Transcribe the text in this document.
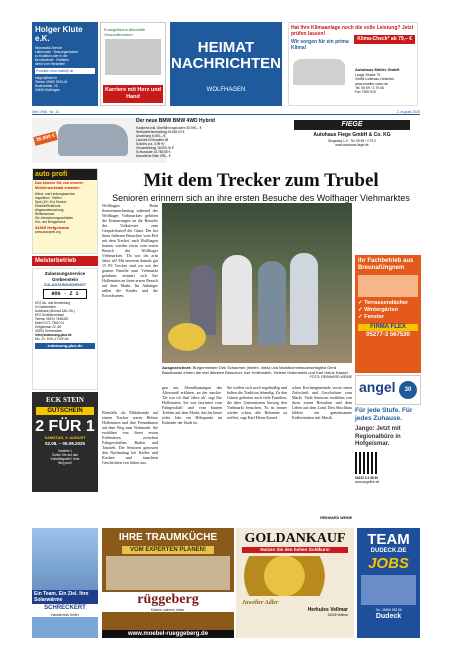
Holger Klute e.K.
Mikromatik-Service
Lattenroste · Bossorganisation
zu Koalition oder in der
Berufsschule · Rolläden
direkt vom Hersteller!
Produkte: bear-matik@.de
holger@klutel.fr
Telefon 05692 9924-61
Burkhardtstr. 26
34466 Wolfhagen
Evangelische Altenhilfe Gesundbrunnen
Karriere mit Herz und Hand
HEIMAT
NACHRICHTEN
WOLFHAGEN
Hat Ihre Klimaanlage noch die volle Leistung? Jetzt prüfen lassen!
Wir sorgen für ein prima Klima!
Klima-Check* ab 79,– €
Autohaus Müller GmbH
Lange Straße 75
34466 Lollersau-Geiselsb.
www.mueller-volvo.de
Tel. 05 69 / 3 79 66
Fax 7959 915
Seit 1998 · Nr. 31	2. August 2025
35.990 €
Der neue BMW BMW 4WD Hybrid
Kaufpreis inkl. Überführungskosten 35.990,– €
Nettodarlehensbetrag 28.665,00 €
Anzahlung 6.000,– €
Laufzeit in Monaten 48
Sollzins p.a. 3,99 %
Gesamtbetrag 18.000,00 €
Schlussrate 16.783,55 €
Monatliche Rate 299,– €
FIEGE
Autohaus Fiege GmbH & Co. KG
Dingsweg 1-3 · Tel. 05 69 / 3 79-0
www.autohaus-fiege.de
auto profi
Das können Sie von unserer Meisterwerkstatt erwarten:
Klima- und Lenkungsservice
Inspektion · Reifen
Spot (10+-Eo) Service
Elektrik/Elektronik
Abgasuntersuchung
Reifenservice
Kfz-Versicherungsschäden
Hol- und Bringservice
34369 Hofgeismar
www.autoprofi.org
Meisterbetrieb
Zulassungsservice Grebenstein
ZULASSUNGSDIENST
HOG · Z 1
KFZ-Ab- und Anmeldung
in Grebenstein
Autohaus (Ahmad-1&K-Gb.)
KFZ-Schilderverkauf
Telefon 05674 7466420
Mobil 0171 7361074
Hofgeismar 22, 66
34393 Grebenstein
info@zulassung-plus.de
Mo.–Fr. 9:00–17:00 Uhr
zulassung-plus.de
ECK STEIN
GUTSCHEIN
2 FÜR 1
SAMSTAG, 9. AUGUST
02.08. – 05.08.2025
Vomfeld 1
Sollen Sie auf das
Kartoffelgratin? Kein
Weg dort!
Mit dem Trecker zum Trubel
Senioren erinnern sich an ihre ersten Besuche des Wolfhager Viehmarktes
Wolfhagen – Beim Seniorennachmittag während des Wolfhager Viehmarktes gehören die Erinnerungen an die Besuche des Volksfestes zum Gesprächsstoff der Gäste. Der bei ihren früheren Besuchen 'vom Hof mit dem Trecker' nach Wolfhagen kamen, wurden etwas vom ersten Besuch des Wolfhager Viehmarktes. 'Da war ich acht Jahre alt! Mit unserem damals gut 15 PS Trecker sind wir mit der ganzen Familie zum Viehmarkt gefahren, erinnert sich Ilse Hollenstein an ihren ersten Besuch auf dem Markt. Im Anhänger saßen die Kinder und die Erwachsenen.
Ebenfalls als Mitfahrende auf einem Trecker waren Helene Hollenstein und ihre Freundinnen auf dem Weg zum Viehmarkt. Sie erzählten von ihren ersten Erlebnissen zwischen Fahrgeschäften, Buden und Tanzzelt. Die Senioren genossen den Nachmittag bei Kaffee und Kuchen und tauschten Geschichten von früher aus.
Ausgezeichnet: Bürgermeister Dirk Schaumer (hinten, links) und Marktkommissionsmitglied Gerd Bandlowski ehrten die drei ältesten Besucher: Ilse Hollenstein, Helene Hollenstein und Karl Heinz Kassel.
FOTO: REINHARD WEINE
gen aus Abendlausungen das Altersmaß erklären, an der meckte. 'Da war ich fünf Jahre alt', sagt Ilse Hollenstein. Sie war fasziniert vom Fahrgeschäft und vom bunten Treiben auf dem Markt, das bis heute jedes Jahr ein Höhepunkt im Kalender der Stadt ist.
Sie treffen sich noch regelmäßig und halten die Tradition lebendig. Zu den Gästen gehörten auch viele Familien, die über Generationen hinweg den Viehmarkt besuchen. 'Es ist immer wieder schön, alte Bekannte zu treffen', sagt Karl Heinz Kassel.
schen Kirchengemeinde sowie einen Zeitschrift und Geschichten vom Markt. Viele Senioren erzählten von ihren ersten Besuchen und dem Leben auf dem Land. Den Abschluss bildete ein gemeinsames Kaffeetrinken mit Musik.
REINHARD WEINE
Ihr Fachbetrieb aus Breuna/Ungnem
✓ Terrassendächer
✓ Wintergärten
✓ Fenster
FIRMA FLEX
05277-3 567530
angel	30
Für jede Stufe. Für jedes Zuhause.
Jango: Jetzt mit Regionalbüro in Hofgeismar.
03222 3 4 56 90
www.angelfire.de
Ein Team. Ein Ziel. Ihre Solarwärme
SCHRECKERT
Haustechnik GmbH
IHRE TRAUMKÜCHE
VOM EXPERTEN PLANEN!
rüggeberg
Küchen, wohnen, leben.
www.moebel-rueggeberg.de
GOLDANKAUF
Nutzen Sie den hohen Goldkurs!
Juwelier Adler
Herkules Vellmar
34346 Vellmar
TEAM
DUDECK.DE
JOBS
Tel.: 05606 983 88
Dudeck
